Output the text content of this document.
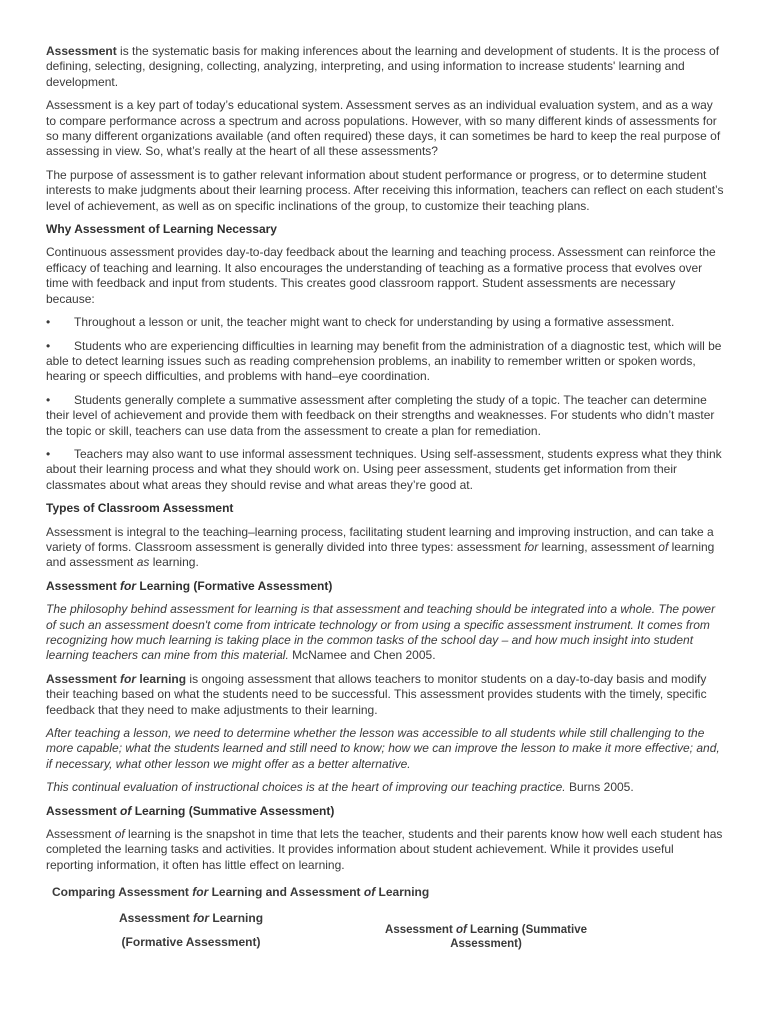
Assessment is the systematic basis for making inferences about the learning and development of students. It is the process of defining, selecting, designing, collecting, analyzing, interpreting, and using information to increase students' learning and development.

Assessment is a key part of today’s educational system. Assessment serves as an individual evaluation system, and as a way to compare performance across a spectrum and across populations. However, with so many different kinds of assessments for so many different organizations available (and often required) these days, it can sometimes be hard to keep the real purpose of assessing in view. So, what’s really at the heart of all these assessments?

The purpose of assessment is to gather relevant information about student performance or progress, or to determine student interests to make judgments about their learning process. After receiving this information, teachers can reflect on each student’s level of achievement, as well as on specific inclinations of the group, to customize their teaching plans.

Why Assessment of Learning Necessary

Continuous assessment provides day-to-day feedback about the learning and teaching process. Assessment can reinforce the efficacy of teaching and learning. It also encourages the understanding of teaching as a formative process that evolves over time with feedback and input from students. This creates good classroom rapport. Student assessments are necessary because:

• Throughout a lesson or unit, the teacher might want to check for understanding by using a formative assessment.

• Students who are experiencing difficulties in learning may benefit from the administration of a diagnostic test, which will be able to detect learning issues such as reading comprehension problems, an inability to remember written or spoken words, hearing or speech difficulties, and problems with hand–eye coordination.

• Students generally complete a summative assessment after completing the study of a topic. The teacher can determine their level of achievement and provide them with feedback on their strengths and weaknesses. For students who didn’t master the topic or skill, teachers can use data from the assessment to create a plan for remediation.

• Teachers may also want to use informal assessment techniques. Using self-assessment, students express what they think about their learning process and what they should work on. Using peer assessment, students get information from their classmates about what areas they should revise and what areas they’re good at.

Types of Classroom Assessment

Assessment is integral to the teaching–learning process, facilitating student learning and improving instruction, and can take a variety of forms. Classroom assessment is generally divided into three types: assessment for learning, assessment of learning and assessment as learning.

Assessment for Learning (Formative Assessment)

The philosophy behind assessment for learning is that assessment and teaching should be integrated into a whole. The power of such an assessment doesn't come from intricate technology or from using a specific assessment instrument. It comes from recognizing how much learning is taking place in the common tasks of the school day – and how much insight into student learning teachers can mine from this material. McNamee and Chen 2005.

Assessment for learning is ongoing assessment that allows teachers to monitor students on a day-to-day basis and modify their teaching based on what the students need to be successful. This assessment provides students with the timely, specific feedback that they need to make adjustments to their learning.

After teaching a lesson, we need to determine whether the lesson was accessible to all students while still challenging to the more capable; what the students learned and still need to know; how we can improve the lesson to make it more effective; and, if necessary, what other lesson we might offer as a better alternative.

This continual evaluation of instructional choices is at the heart of improving our teaching practice. Burns 2005.

Assessment of Learning (Summative Assessment)

Assessment of learning is the snapshot in time that lets the teacher, students and their parents know how well each student has completed the learning tasks and activities. It provides information about student achievement. While it provides useful reporting information, it often has little effect on learning.

Comparing Assessment for Learning and Assessment of Learning
Assessment for Learning
(Formative Assessment)
Assessment of Learning (Summative Assessment)
